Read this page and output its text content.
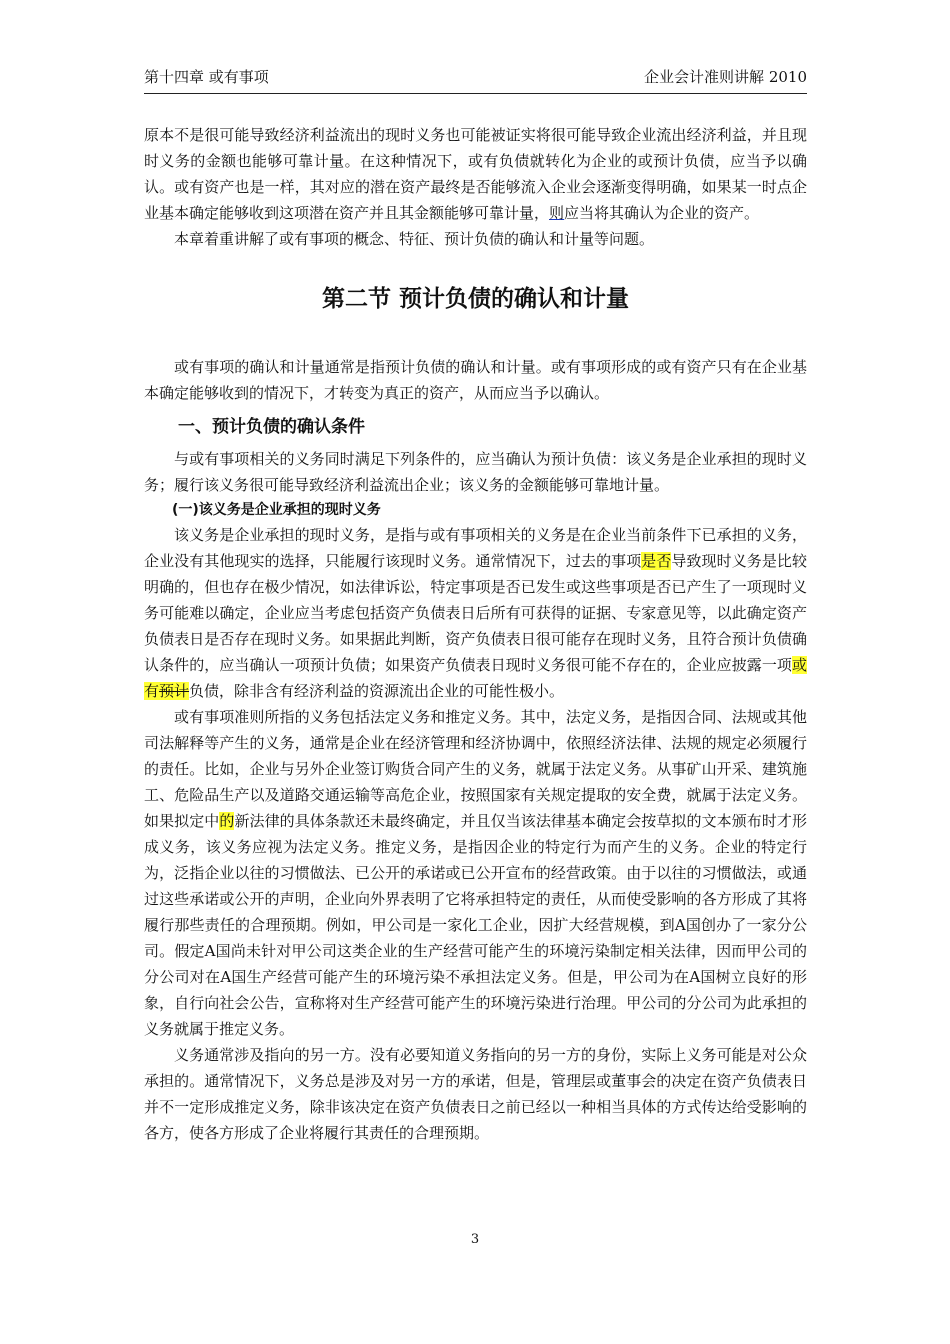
第十四章 或有事项	企业会计准则讲解 2010

原本不是很可能导致经济利益流出的现时义务也可能被证实将很可能导致企业流出经济利益，并且现时义务的金额也能够可靠计量。在这种情况下，或有负债就转化为企业的或预计负债，应当予以确认。或有资产也是一样，其对应的潜在资产最终是否能够流入企业会逐渐变得明确，如果某一时点企业基本确定能够收到这项潜在资产并且其金额能够可靠计量，则应当将其确认为企业的资产。

本章着重讲解了或有事项的概念、特征、预计负债的确认和计量等问题。

第二节 预计负债的确认和计量

或有事项的确认和计量通常是指预计负债的确认和计量。或有事项形成的或有资产只有在企业基本确定能够收到的情况下，才转变为真正的资产，从而应当予以确认。

一、预计负债的确认条件

与或有事项相关的义务同时满足下列条件的，应当确认为预计负债：该义务是企业承担的现时义务；履行该义务很可能导致经济利益流出企业；该义务的金额能够可靠地计量。

(一)该义务是企业承担的现时义务

该义务是企业承担的现时义务，是指与或有事项相关的义务是在企业当前条件下已承担的义务，企业没有其他现实的选择，只能履行该现时义务。通常情况下，过去的事项是否导致现时义务是比较明确的，但也存在极少情况，如法律诉讼，特定事项是否已发生或这些事项是否已产生了一项现时义务可能难以确定，企业应当考虑包括资产负债表日后所有可获得的证据、专家意见等，以此确定资产负债表日是否存在现时义务。如果据此判断，资产负债表日很可能存在现时义务，且符合预计负债确认条件的，应当确认一项预计负债；如果资产负债表日现时义务很可能不存在的，企业应披露一项或有预计负债，除非含有经济利益的资源流出企业的可能性极小。

或有事项准则所指的义务包括法定义务和推定义务。其中，法定义务，是指因合同、法规或其他司法解释等产生的义务，通常是企业在经济管理和经济协调中，依照经济法律、法规的规定必须履行的责任。比如，企业与另外企业签订购货合同产生的义务，就属于法定义务。从事矿山开采、建筑施工、危险品生产以及道路交通运输等高危企业，按照国家有关规定提取的安全费，就属于法定义务。如果拟定中的新法律的具体条款还未最终确定，并且仅当该法律基本确定会按草拟的文本颁布时才形成义务，该义务应视为法定义务。推定义务，是指因企业的特定行为而产生的义务。企业的特定行为，泛指企业以往的习惯做法、已公开的承诺或已公开宣布的经营政策。由于以往的习惯做法，或通过这些承诺或公开的声明，企业向外界表明了它将承担特定的责任，从而使受影响的各方形成了其将履行那些责任的合理预期。例如，甲公司是一家化工企业，因扩大经营规模，到A国创办了一家分公司。假定A国尚未针对甲公司这类企业的生产经营可能产生的环境污染制定相关法律，因而甲公司的分公司对在A国生产经营可能产生的环境污染不承担法定义务。但是，甲公司为在A国树立良好的形象，自行向社会公告，宣称将对生产经营可能产生的环境污染进行治理。甲公司的分公司为此承担的义务就属于推定义务。

义务通常涉及指向的另一方。没有必要知道义务指向的另一方的身份，实际上义务可能是对公众承担的。通常情况下，义务总是涉及对另一方的承诺，但是，管理层或董事会的决定在资产负债表日并不一定形成推定义务，除非该决定在资产负债表日之前已经以一种相当具体的方式传达给受影响的各方，使各方形成了企业将履行其责任的合理预期。

3
